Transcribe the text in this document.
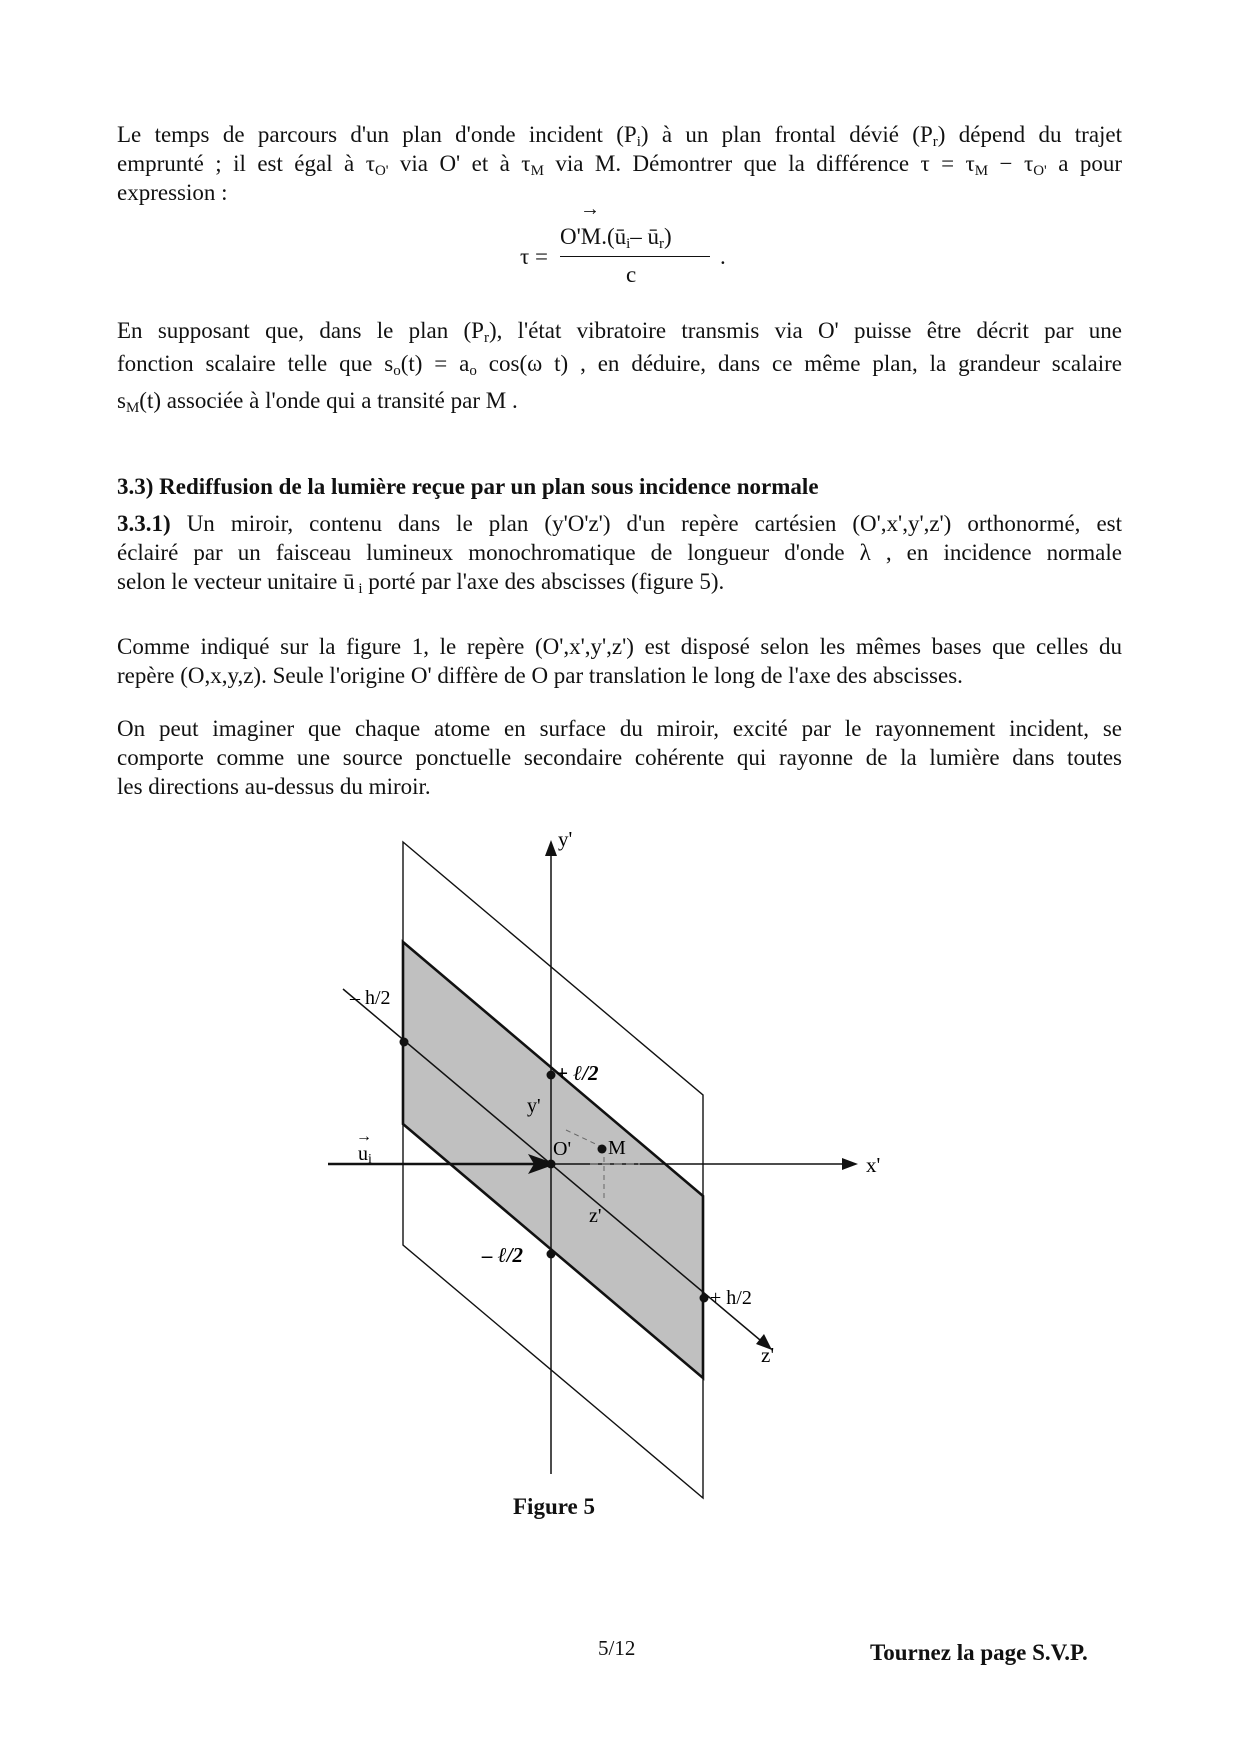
Le temps de parcours d'un plan d'onde incident $(P_i)$ à un plan frontal dévié $(P_r)$ dépend du trajet
emprunté ; il est égal à $\tau_{O'}$ via O' et à $\tau_M$ via M. Démontrer que la différence $\tau = \tau_M - \tau_{O'}$ a pour
expression :
τ =
→
$O'M.(ū_i-$ $ū_r$)
c
.
En supposant que, dans le plan $(P_r)$, l'état vibratoire transmis via O' puisse être décrit par une
fonction scalaire telle que $s_o(t) = a_o$ cos(ω t) , en déduire, dans ce même plan, la grandeur scalaire
$s_M(t)$ associée à l'onde qui a transité par M .
3.3) Rediffusion de la lumière reçue par un plan sous incidence normale
3.3.1) Un miroir, contenu dans le plan (y'O'z') d'un repère cartésien (O',x',y',z') orthonormé, est
éclairé par un faisceau lumineux monochromatique de longueur d'onde λ , en incidence normale
selon le vecteur unitaire ū $_i$ porté par l'axe des abscisses (figure 5).
Comme indiqué sur la figure 1, le repère (O',x',y',z') est disposé selon les mêmes bases que celles du
repère (O,x,y,z). Seule l'origine O' diffère de O par translation le long de l'axe des abscisses.
On peut imaginer que chaque atome en surface du miroir, excité par le rayonnement incident, se
comporte comme une source ponctuelle secondaire cohérente qui rayonne de la lumière dans toutes
les directions au-dessus du miroir.
y'
x'
z'
– h/2
+ h/2
+ ℓ/2
– ℓ/2
O' M
y'
z'
→
ui
Figure 5
5/12	Tournez la page S.V.P.
